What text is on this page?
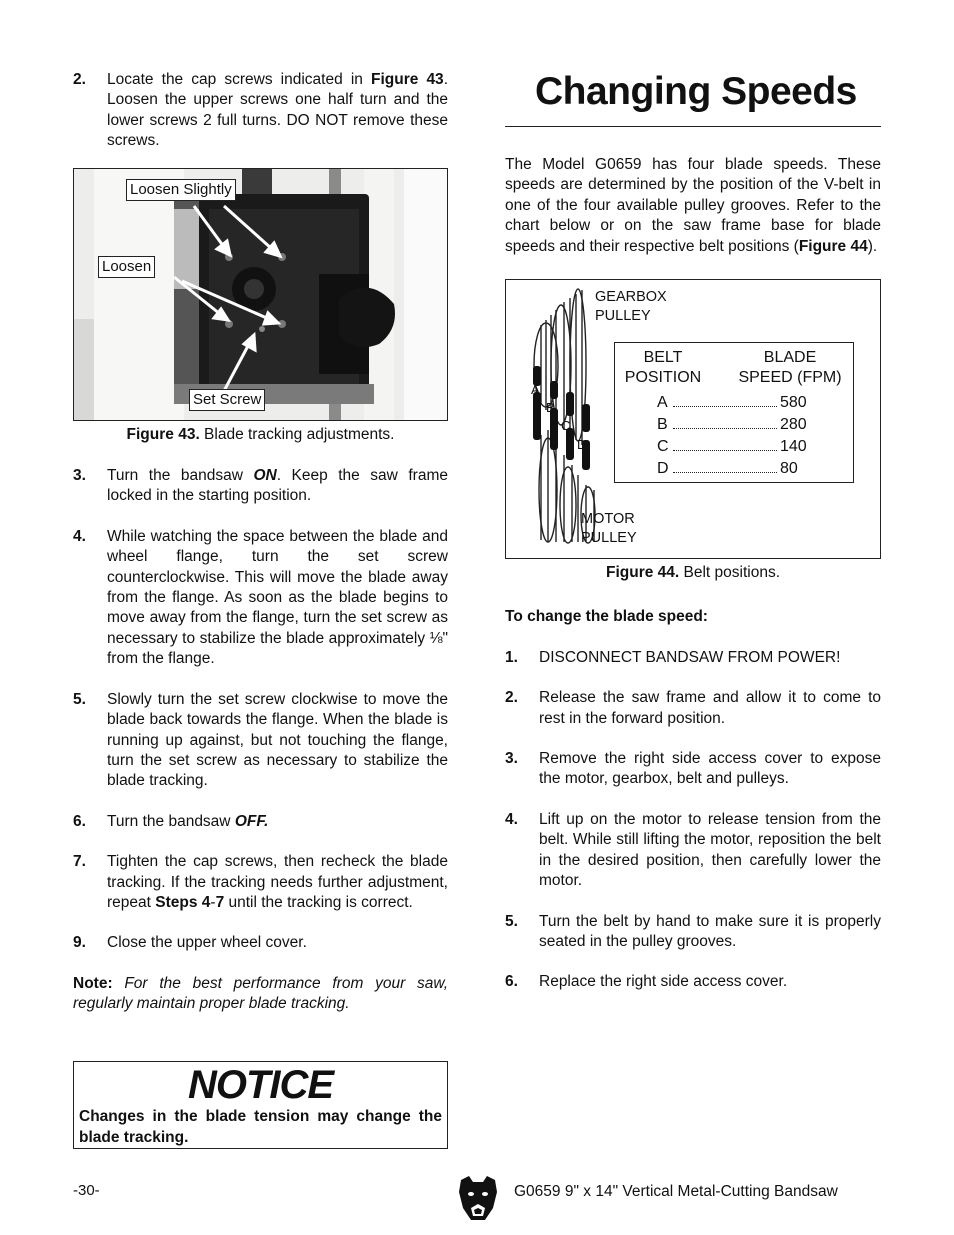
2. Locate the cap screws indicated in Figure 43. Loosen the upper screws one half turn and the lower screws 2 full turns. DO NOT remove these screws.
Loosen Slightly
Loosen
Set Screw
Figure 43. Blade tracking adjustments.
3. Turn the bandsaw ON. Keep the saw frame locked in the starting position.
4. While watching the space between the blade and wheel flange, turn the set screw counterclockwise. This will move the blade away from the flange. As soon as the blade begins to move away from the flange, turn the set screw as necessary to stabilize the blade approximately ⅛" from the flange.
5. Slowly turn the set screw clockwise to move the blade back towards the flange. When the blade is running up against, but not touching the flange, turn the set screw as necessary to stabilize the blade tracking.
6. Turn the bandsaw OFF.
7. Tighten the cap screws, then recheck the blade tracking. If the tracking needs further adjustment, repeat Steps 4-7 until the tracking is correct.
9. Close the upper wheel cover.
Note: For the best performance from your saw, regularly maintain proper blade tracking.
NOTICE
Changes in the blade tension may change the blade tracking.
Changing Speeds
The Model G0659 has four blade speeds. These speeds are determined by the position of the V-belt in one of the four available pulley grooves. Refer to the chart below or on the saw frame base for blade speeds and their respective belt positions (Figure 44).
GEARBOX
PULLEY
MOTOR
PULLEY
A
B
C
D
BELT
POSITION
BLADE
SPEED (FPM)
A	580
B	280
C	140
D	80
Figure 44. Belt positions.
To change the blade speed:
1. DISCONNECT BANDSAW FROM POWER!
2. Release the saw frame and allow it to come to rest in the forward position.
3. Remove the right side access cover to expose the motor, gearbox, belt and pulleys.
4. Lift up on the motor to release tension from the belt. While still lifting the motor, reposition the belt in the desired position, then carefully lower the motor.
5. Turn the belt by hand to make sure it is properly seated in the pulley grooves.
6. Replace the right side access cover.
-30-	G0659 9" x 14" Vertical Metal-Cutting Bandsaw
